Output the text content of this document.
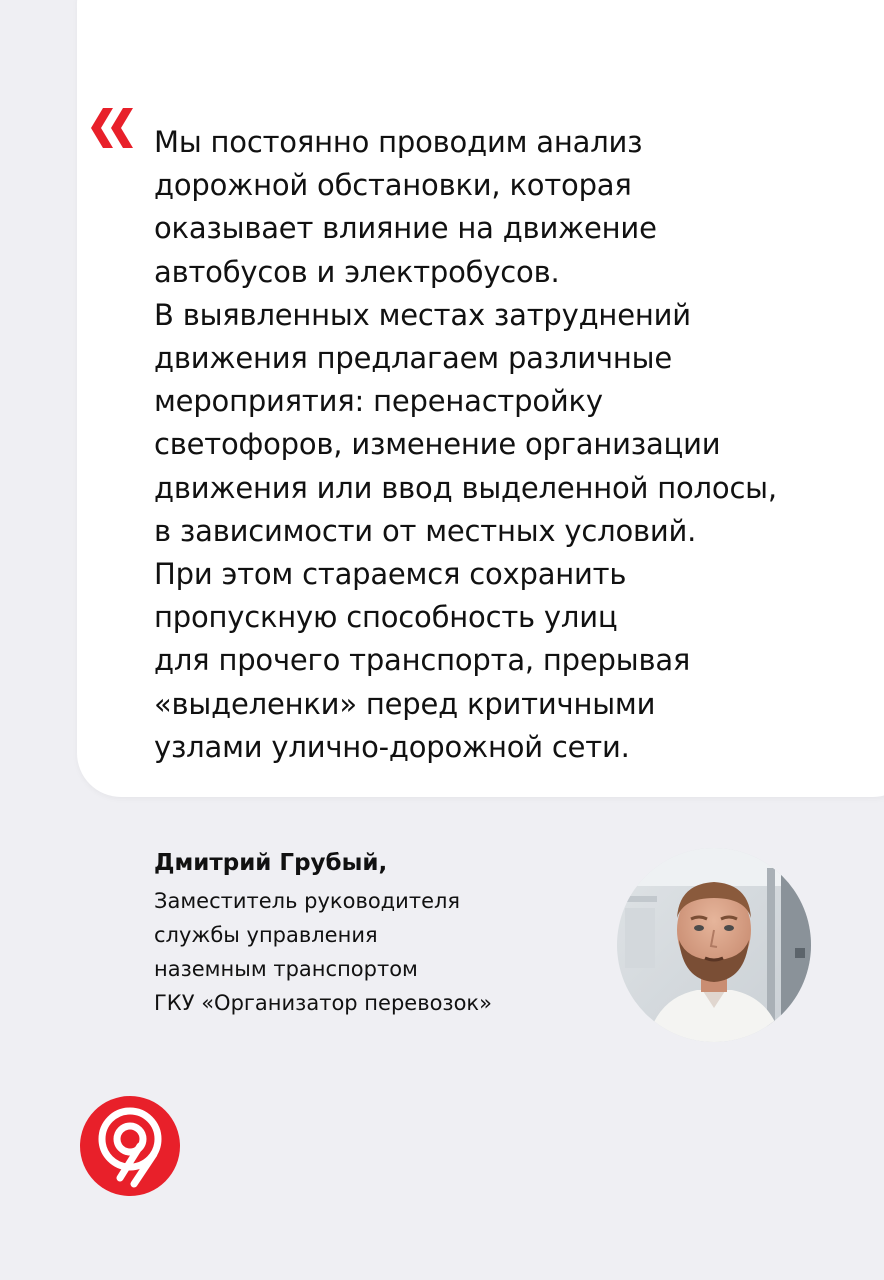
Мы постоянно проводим анализ
дорожной обстановки, которая
оказывает влияние на движение
автобусов и электробусов.
В выявленных местах затруднений
движения предлагаем различные
мероприятия: перенастройку
светофоров, изменение организации
движения или ввод выделенной полосы,
в зависимости от местных условий.
При этом стараемся сохранить
пропускную способность улиц
для прочего транспорта, прерывая
«выделенки» перед критичными
узлами улично-дорожной сети.

Дмитрий Грубый,

Заместитель руководителя
службы управления
наземным транспортом
ГКУ «Организатор перевозок»
